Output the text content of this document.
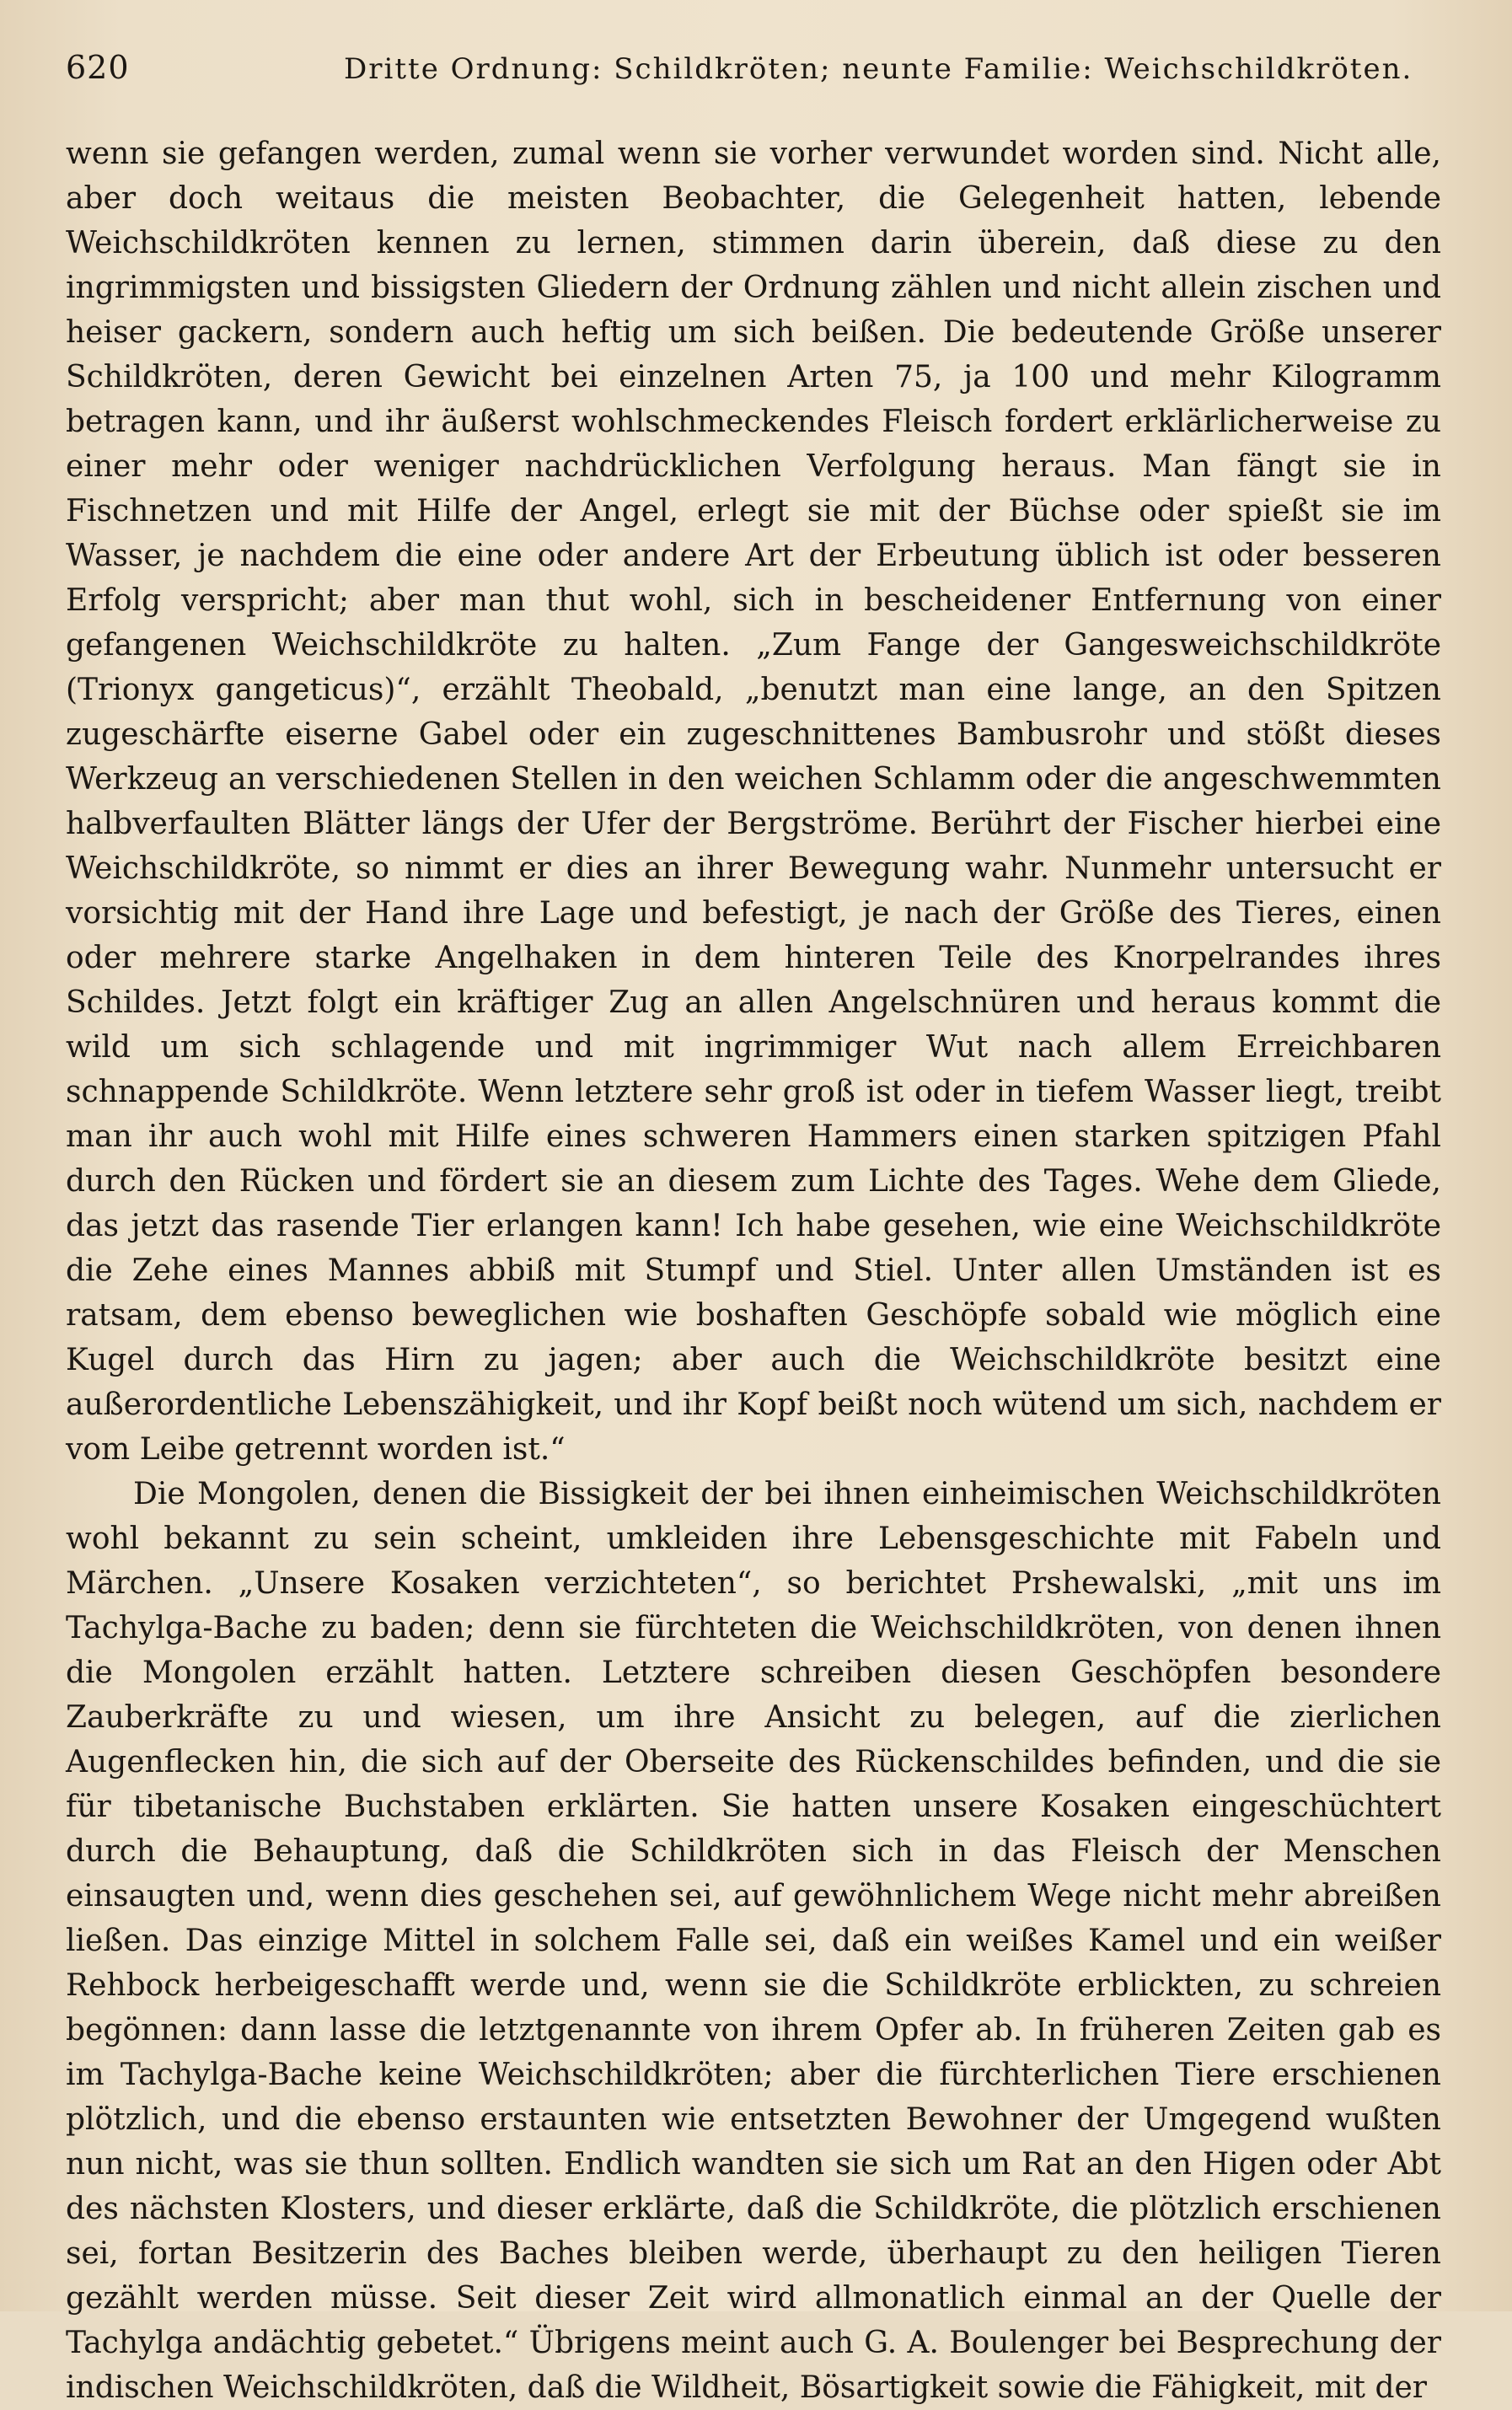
620	Dritte Ordnung: Schildkröten; neunte Familie: Weichschildkröten.

wenn sie gefangen werden, zumal wenn sie vorher verwundet worden sind. Nicht alle, aber doch weitaus die meisten Beobachter, die Gelegenheit hatten, lebende Weichschildkröten kennen zu lernen, stimmen darin überein, daß diese zu den ingrimmigsten und bissigsten Gliedern der Ordnung zählen und nicht allein zischen und heiser gackern, sondern auch heftig um sich beißen. Die bedeutende Größe unserer Schildkröten, deren Gewicht bei einzelnen Arten 75, ja 100 und mehr Kilogramm betragen kann, und ihr äußerst wohlschmeckendes Fleisch fordert erklärlicherweise zu einer mehr oder weniger nachdrücklichen Verfolgung heraus. Man fängt sie in Fischnetzen und mit Hilfe der Angel, erlegt sie mit der Büchse oder spießt sie im Wasser, je nachdem die eine oder andere Art der Erbeutung üblich ist oder besseren Erfolg verspricht; aber man thut wohl, sich in bescheidener Entfernung von einer gefangenen Weichschildkröte zu halten. „Zum Fange der Gangesweichschildkröte (Trionyx gangeticus)“, erzählt Theobald, „benutzt man eine lange, an den Spitzen zugeschärfte eiserne Gabel oder ein zugeschnittenes Bambusrohr und stößt dieses Werkzeug an verschiedenen Stellen in den weichen Schlamm oder die angeschwemmten halbverfaulten Blätter längs der Ufer der Bergströme. Berührt der Fischer hierbei eine Weichschildkröte, so nimmt er dies an ihrer Bewegung wahr. Nunmehr untersucht er vorsichtig mit der Hand ihre Lage und befestigt, je nach der Größe des Tieres, einen oder mehrere starke Angelhaken in dem hinteren Teile des Knorpelrandes ihres Schildes. Jetzt folgt ein kräftiger Zug an allen Angelschnüren und heraus kommt die wild um sich schlagende und mit ingrimmiger Wut nach allem Erreichbaren schnappende Schildkröte. Wenn letztere sehr groß ist oder in tiefem Wasser liegt, treibt man ihr auch wohl mit Hilfe eines schweren Hammers einen starken spitzigen Pfahl durch den Rücken und fördert sie an diesem zum Lichte des Tages. Wehe dem Gliede, das jetzt das rasende Tier erlangen kann! Ich habe gesehen, wie eine Weichschildkröte die Zehe eines Mannes abbiß mit Stumpf und Stiel. Unter allen Umständen ist es ratsam, dem ebenso beweglichen wie boshaften Geschöpfe sobald wie möglich eine Kugel durch das Hirn zu jagen; aber auch die Weichschildkröte besitzt eine außerordentliche Lebenszähigkeit, und ihr Kopf beißt noch wütend um sich, nachdem er vom Leibe getrennt worden ist.“

Die Mongolen, denen die Bissigkeit der bei ihnen einheimischen Weichschildkröten wohl bekannt zu sein scheint, umkleiden ihre Lebensgeschichte mit Fabeln und Märchen. „Unsere Kosaken verzichteten“, so berichtet Prshewalski, „mit uns im Tachylga-Bache zu baden; denn sie fürchteten die Weichschildkröten, von denen ihnen die Mongolen erzählt hatten. Letztere schreiben diesen Geschöpfen besondere Zauberkräfte zu und wiesen, um ihre Ansicht zu belegen, auf die zierlichen Augenflecken hin, die sich auf der Oberseite des Rückenschildes befinden, und die sie für tibetanische Buchstaben erklärten. Sie hatten unsere Kosaken eingeschüchtert durch die Behauptung, daß die Schildkröten sich in das Fleisch der Menschen einsaugten und, wenn dies geschehen sei, auf gewöhnlichem Wege nicht mehr abreißen ließen. Das einzige Mittel in solchem Falle sei, daß ein weißes Kamel und ein weißer Rehbock herbeigeschafft werde und, wenn sie die Schildkröte erblickten, zu schreien begönnen: dann lasse die letztgenannte von ihrem Opfer ab. In früheren Zeiten gab es im Tachylga-Bache keine Weichschildkröten; aber die fürchterlichen Tiere erschienen plötzlich, und die ebenso erstaunten wie entsetzten Bewohner der Umgegend wußten nun nicht, was sie thun sollten. Endlich wandten sie sich um Rat an den Higen oder Abt des nächsten Klosters, und dieser erklärte, daß die Schildkröte, die plötzlich erschienen sei, fortan Besitzerin des Baches bleiben werde, überhaupt zu den heiligen Tieren gezählt werden müsse. Seit dieser Zeit wird allmonatlich einmal an der Quelle der Tachylga andächtig gebetet.“ Übrigens meint auch G. A. Boulenger bei Besprechung der indischen Weichschildkröten, daß die Wildheit, Bösartigkeit sowie die Fähigkeit, mit der
